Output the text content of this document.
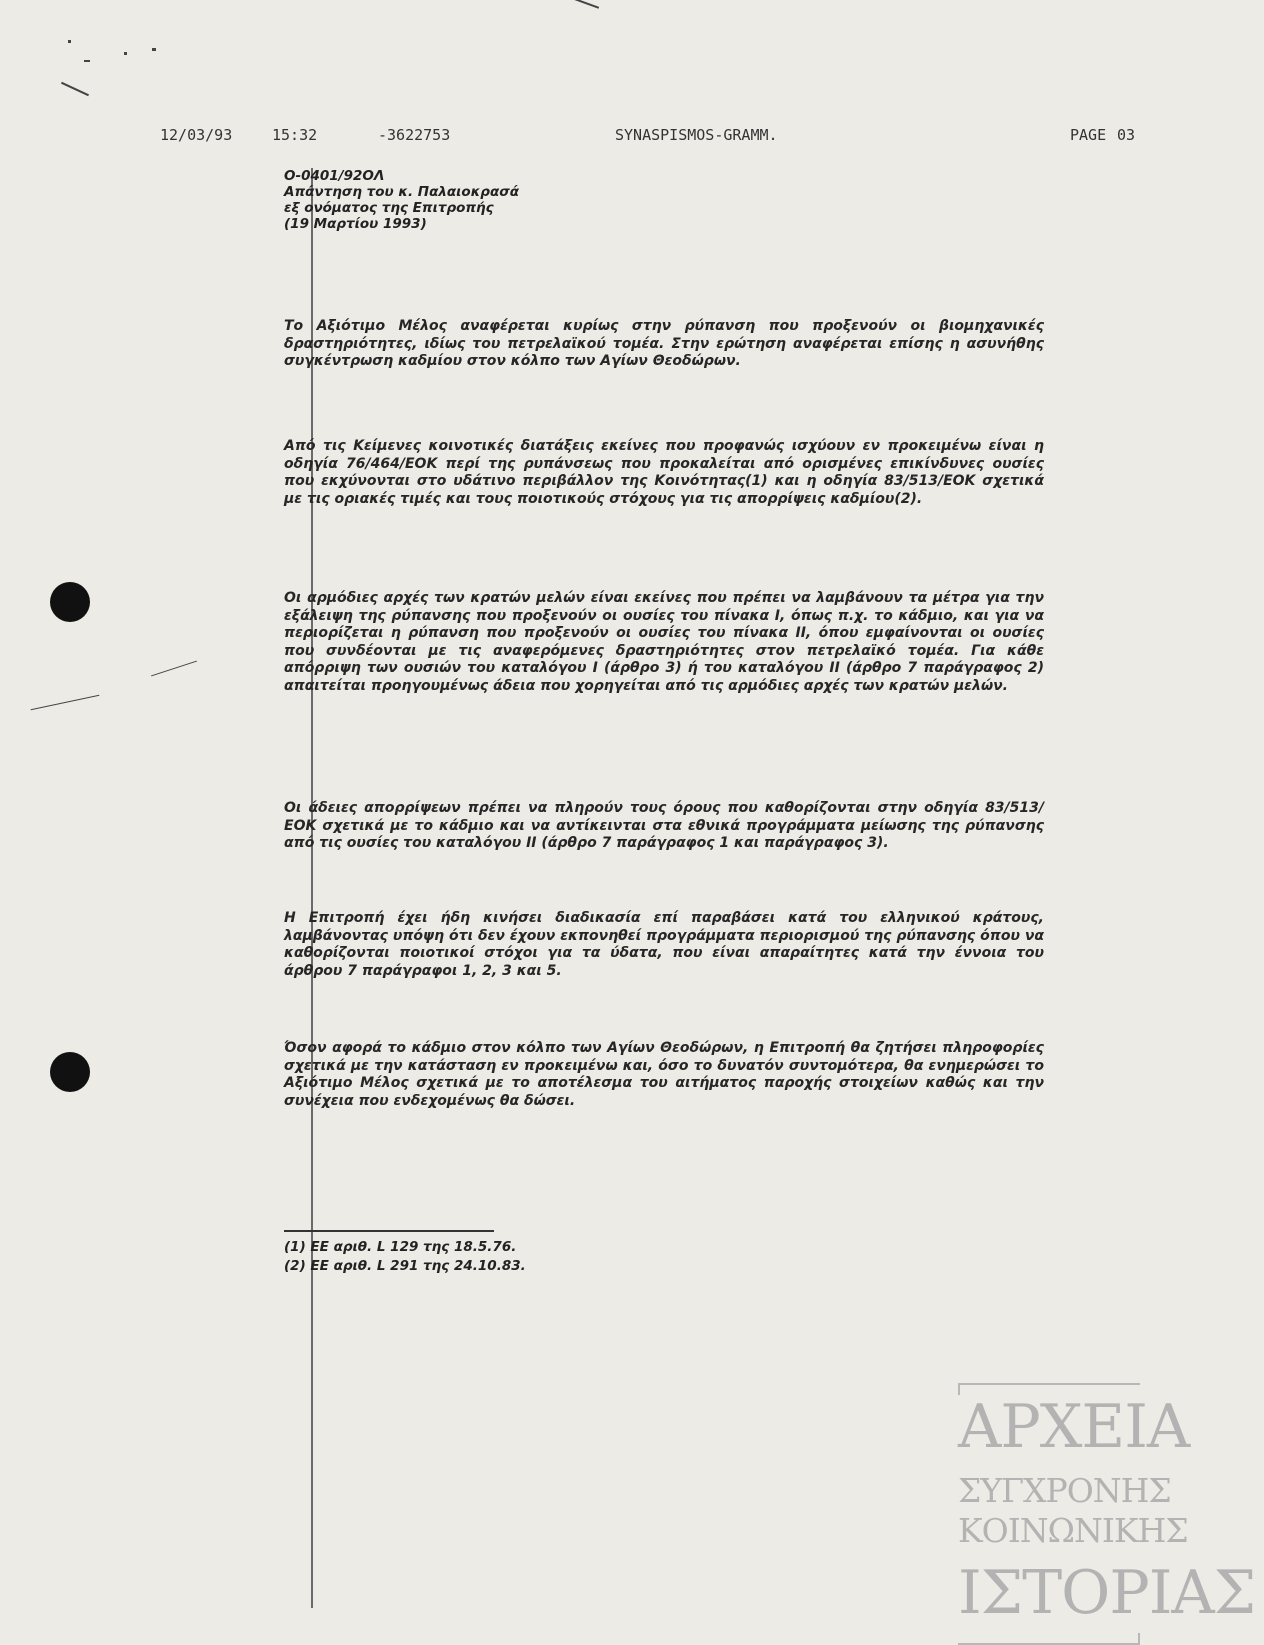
12/03/93	15:32	-3622753	SYNASPISMOS-GRAMM.	PAGE 03
Ο-0401/92ΟΛ
Απάντηση του κ. Παλαιοκρασά
εξ ονόματος της Επιτροπής
(19 Μαρτίου 1993)

Το Αξιότιμο Μέλος αναφέρεται κυρίως στην ρύπανση που προξενούν οι βιομηχανικές δραστηριότητες, ιδίως του πετρελαϊκού τομέα. Στην ερώτηση αναφέρεται επίσης η ασυνήθης συγκέντρωση καδμίου στον κόλπο των Αγίων Θεοδώρων.

Από τις Κείμενες κοινοτικές διατάξεις εκείνες που προφανώς ισχύουν εν προκειμένω είναι η οδηγία 76/464/ΕΟΚ περί της ρυπάνσεως που προκαλείται από ορισμένες επικίνδυνες ουσίες που εκχύνονται στο υδάτινο περιβάλλον της Κοινότητας(1) και η οδηγία 83/513/ΕΟΚ σχετικά με τις οριακές τιμές και τους ποιοτικούς στόχους για τις απορρίψεις καδμίου(2).

Οι αρμόδιες αρχές των κρατών μελών είναι εκείνες που πρέπει να λαμβάνουν τα μέτρα για την εξάλειψη της ρύπανσης που προξενούν οι ουσίες του πίνακα I, όπως π.χ. το κάδμιο, και για να περιορίζεται η ρύπανση που προξενούν οι ουσίες του πίνακα II, όπου εμφαίνονται οι ουσίες που συνδέονται με τις αναφερόμενες δραστηριότητες στον πετρελαϊκό τομέα. Για κάθε απόρριψη των ουσιών του καταλόγου I (άρθρο 3) ή του καταλόγου II (άρθρο 7 παράγραφος 2) απαιτείται προηγουμένως άδεια που χορηγείται από τις αρμόδιες αρχές των κρατών μελών.

Οι άδειες απορρίψεων πρέπει να πληρούν τους όρους που καθορίζονται στην οδηγία 83/513/ΕΟΚ σχετικά με το κάδμιο και να αντίκεινται στα εθνικά προγράμματα μείωσης της ρύπανσης από τις ουσίες του καταλόγου II (άρθρο 7 παράγραφος 1 και παράγραφος 3).

Η Επιτροπή έχει ήδη κινήσει διαδικασία επί παραβάσει κατά του ελληνικού κράτους, λαμβάνοντας υπόψη ότι δεν έχουν εκπονηθεί προγράμματα περιορισμού της ρύπανσης όπου να καθορίζονται ποιοτικοί στόχοι για τα ύδατα, που είναι απαραίτητες κατά την έννοια του άρθρου 7 παράγραφοι 1, 2, 3 και 5.

Όσον αφορά το κάδμιο στον κόλπο των Αγίων Θεοδώρων, η Επιτροπή θα ζητήσει πληροφορίες σχετικά με την κατάσταση εν προκειμένω και, όσο το δυνατόν συντομότερα, θα ενημερώσει το Αξιότιμο Μέλος σχετικά με το αποτέλεσμα του αιτήματος παροχής στοιχείων καθώς και την συνέχεια που ενδεχομένως θα δώσει.

(1) ΕΕ αριθ. L 129 της 18.5.76.
(2) ΕΕ αριθ. L 291 της 24.10.83.
ΑΡΧΕΙΑ
ΣΥΓΧΡΟΝΗΣ
ΚΟΙΝΩΝΙΚΗΣ
ΙΣΤΟΡΙΑΣ
